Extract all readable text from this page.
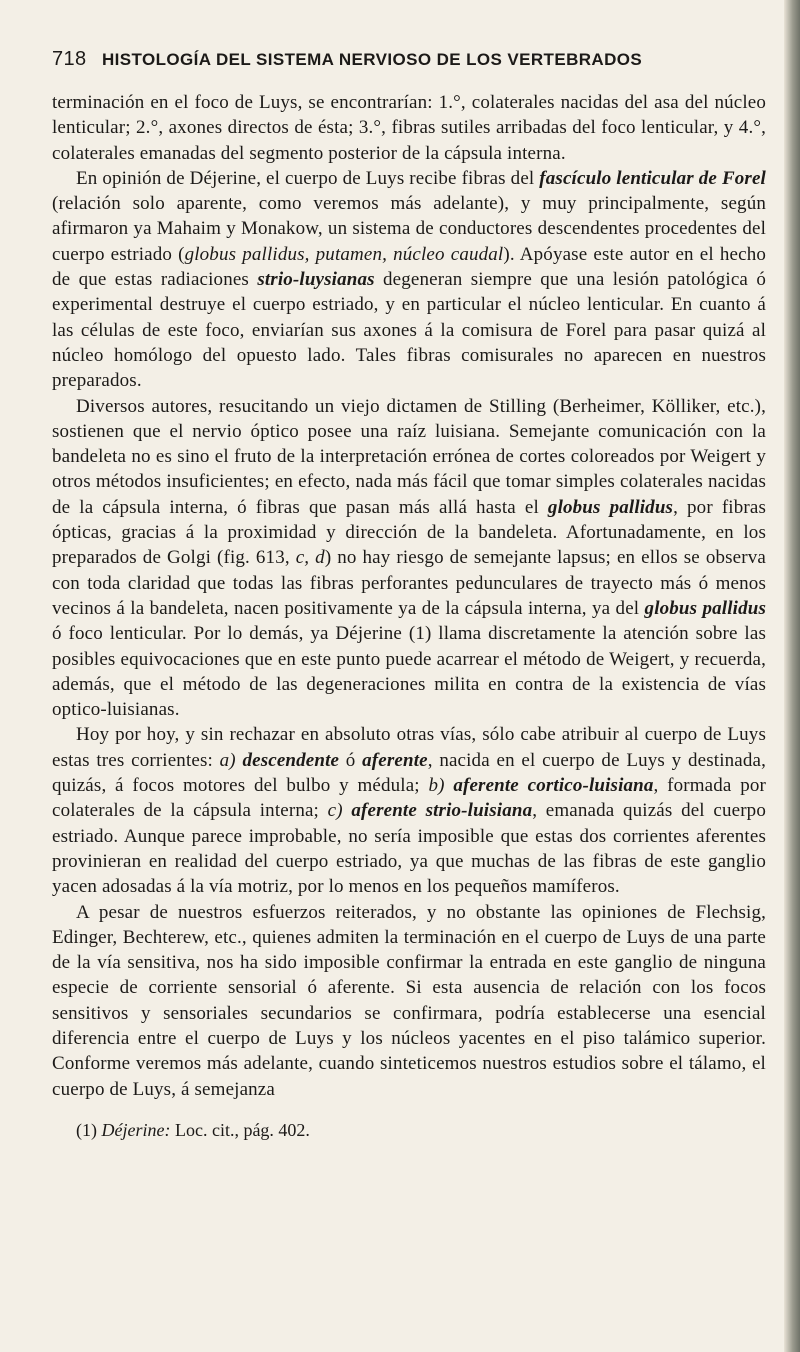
718 HISTOLOGÍA DEL SISTEMA NERVIOSO DE LOS VERTEBRADOS

terminación en el foco de Luys, se encontrarían: 1.°, colaterales nacidas del asa del núcleo lenticular; 2.°, axones directos de ésta; 3.°, fibras sutiles arribadas del foco lenticular, y 4.°, colaterales emanadas del segmento posterior de la cápsula interna.

En opinión de Déjerine, el cuerpo de Luys recibe fibras del fascículo lenticular de Forel (relación solo aparente, como veremos más adelante), y muy principalmente, según afirmaron ya Mahaim y Monakow, un sistema de conductores descendentes procedentes del cuerpo estriado (globus pallidus, putamen, núcleo caudal). Apóyase este autor en el hecho de que estas radiaciones strio-luysianas degeneran siempre que una lesión patológica ó experimental destruye el cuerpo estriado, y en particular el núcleo lenticular. En cuanto á las células de este foco, enviarían sus axones á la comisura de Forel para pasar quizá al núcleo homólogo del opuesto lado. Tales fibras comisurales no aparecen en nuestros preparados.

Diversos autores, resucitando un viejo dictamen de Stilling (Berheimer, Kölliker, etc.), sostienen que el nervio óptico posee una raíz luisiana. Semejante comunicación con la bandeleta no es sino el fruto de la interpretación errónea de cortes coloreados por Weigert y otros métodos insuficientes; en efecto, nada más fácil que tomar simples colaterales nacidas de la cápsula interna, ó fibras que pasan más allá hasta el globus pallidus, por fibras ópticas, gracias á la proximidad y dirección de la bandeleta. Afortunadamente, en los preparados de Golgi (fig. 613, c, d) no hay riesgo de semejante lapsus; en ellos se observa con toda claridad que todas las fibras perforantes pedunculares de trayecto más ó menos vecinos á la bandeleta, nacen positivamente ya de la cápsula interna, ya del globus pallidus ó foco lenticular. Por lo demás, ya Déjerine (1) llama discretamente la atención sobre las posibles equivocaciones que en este punto puede acarrear el método de Weigert, y recuerda, además, que el método de las degeneraciones milita en contra de la existencia de vías optico-luisianas.

Hoy por hoy, y sin rechazar en absoluto otras vías, sólo cabe atribuir al cuerpo de Luys estas tres corrientes: a) descendente ó aferente, nacida en el cuerpo de Luys y destinada, quizás, á focos motores del bulbo y médula; b) aferente cortico-luisiana, formada por colaterales de la cápsula interna; c) aferente strio-luisiana, emanada quizás del cuerpo estriado. Aunque parece improbable, no sería imposible que estas dos corrientes aferentes provinieran en realidad del cuerpo estriado, ya que muchas de las fibras de este ganglio yacen adosadas á la vía motriz, por lo menos en los pequeños mamíferos.

A pesar de nuestros esfuerzos reiterados, y no obstante las opiniones de Flechsig, Edinger, Bechterew, etc., quienes admiten la terminación en el cuerpo de Luys de una parte de la vía sensitiva, nos ha sido imposible confirmar la entrada en este ganglio de ninguna especie de corriente sensorial ó aferente. Si esta ausencia de relación con los focos sensitivos y sensoriales secundarios se confirmara, podría establecerse una esencial diferencia entre el cuerpo de Luys y los núcleos yacentes en el piso talámico superior. Conforme veremos más adelante, cuando sinteticemos nuestros estudios sobre el tálamo, el cuerpo de Luys, á semejanza

(1) Déjerine: Loc. cit., pág. 402.
